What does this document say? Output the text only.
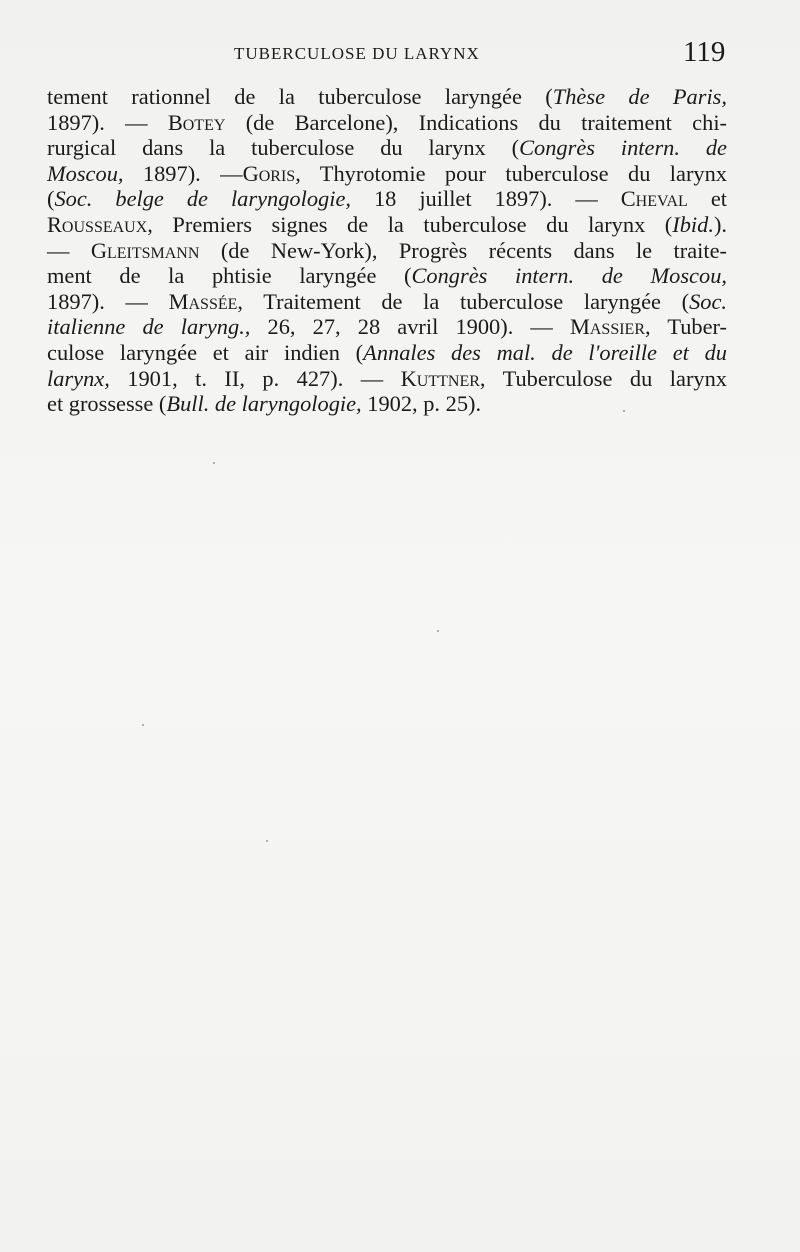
TUBERCULOSE DU LARYNX	119
tement rationnel de la tuberculose laryngée (Thèse de Paris,
1897). — Botey (de Barcelone), Indications du traitement chi-
rurgical dans la tuberculose du larynx (Congrès intern. de
Moscou, 1897). —Goris, Thyrotomie pour tuberculose du larynx
(Soc. belge de laryngologie, 18 juillet 1897). — Cheval et
Rousseaux, Premiers signes de la tuberculose du larynx (Ibid.).
— Gleitsmann (de New-York), Progrès récents dans le traite-
ment de la phtisie laryngée (Congrès intern. de Moscou,
1897). — Massée, Traitement de la tuberculose laryngée (Soc.
italienne de laryng., 26, 27, 28 avril 1900). — Massier, Tuber-
culose laryngée et air indien (Annales des mal. de l'oreille et du
larynx, 1901, t. II, p. 427). — Kuttner, Tuberculose du larynx
et grossesse (Bull. de laryngologie, 1902, p. 25).
